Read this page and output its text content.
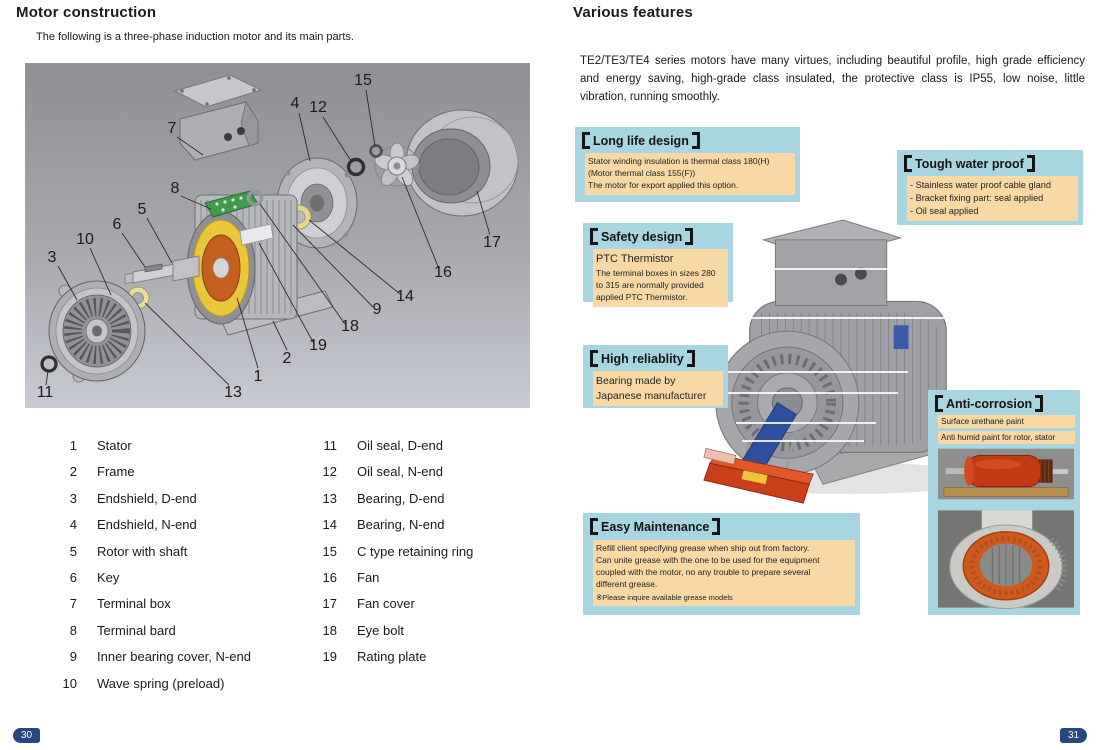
Motor construction
The following is a three-phase induction motor and its main parts.
1
2
3
4
5
6
7
8
9
10
11
12
13
14
15
16
17
18
19
1 Stator
2 Frame
3 Endshield, D-end
4 Endshield, N-end
5 Rotor with shaft
6 Key
7 Terminal box
8 Terminal bard
9 Inner bearing cover, N-end
10 Wave spring (preload)
11 Oil seal, D-end
12 Oil seal, N-end
13 Bearing, D-end
14 Bearing, N-end
15 C type retaining ring
16 Fan
17 Fan cover
18 Eye bolt
19 Rating plate
30
Various features
TE2/TE3/TE4 series motors have many virtues, including beautiful profile, high grade efficiency and energy saving, high-grade class insulated, the protective class is IP55, low noise, little vibration, running smoothly.
Long life design
Stator winding insulation is thermal class 180(H)
(Motor thermal class 155(F))
The motor for export applied this option.
Tough water proof
- Stainless water proof cable gland
- Bracket fixing part: seal applied
- Oil seal applied
Safety design
PTC Thermistor
The terminal boxes in sizes 280
to 315 are normally provided
applied PTC Thermistor.
High reliablity
Bearing made by
Japanese manufacturer
Anti-corrosion
Surface urethane paint
Anti humid paint for rotor, stator
Easy Maintenance
Refill client specifying grease when ship out from factory.
Can unite grease with the one to be used for the equipment
coupled with the motor, no any trouble to prepare several
different grease.
※Please inquire available grease models
31
